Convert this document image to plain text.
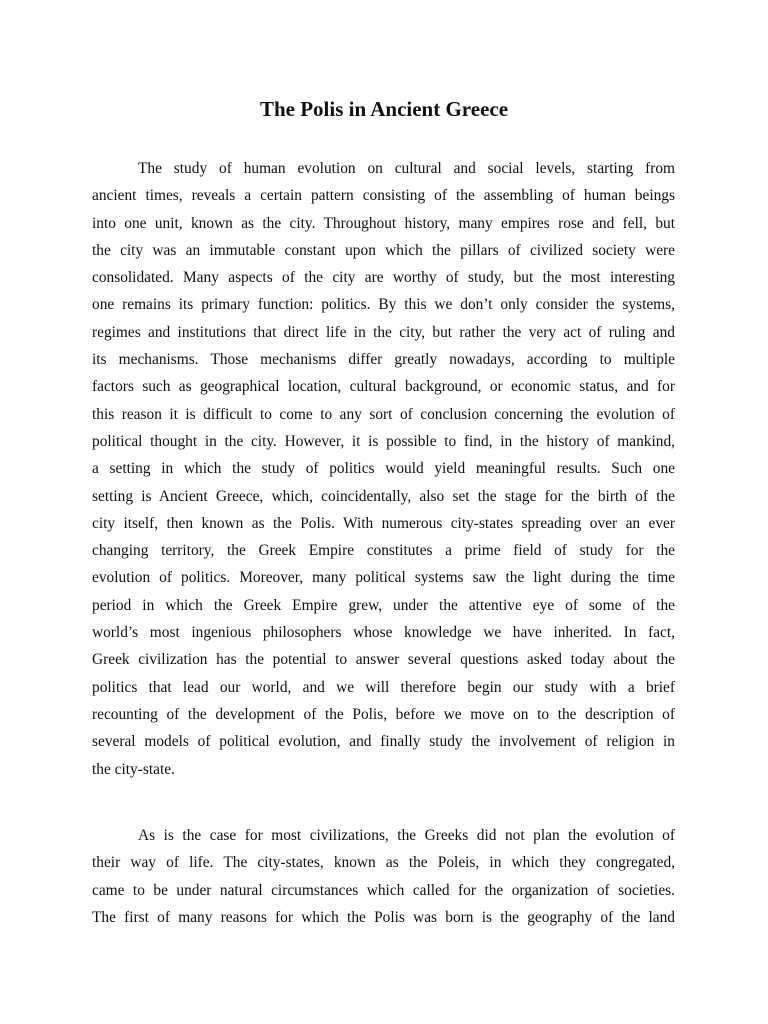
The Polis in Ancient Greece
The study of human evolution on cultural and social levels, starting from
ancient times, reveals a certain pattern consisting of the assembling of human beings
into one unit, known as the city. Throughout history, many empires rose and fell, but
the city was an immutable constant upon which the pillars of civilized society were
consolidated. Many aspects of the city are worthy of study, but the most interesting
one remains its primary function: politics. By this we don’t only consider the systems,
regimes and institutions that direct life in the city, but rather the very act of ruling and
its mechanisms. Those mechanisms differ greatly nowadays, according to multiple
factors such as geographical location, cultural background, or economic status, and for
this reason it is difficult to come to any sort of conclusion concerning the evolution of
political thought in the city. However, it is possible to find, in the history of mankind,
a setting in which the study of politics would yield meaningful results. Such one
setting is Ancient Greece, which, coincidentally, also set the stage for the birth of the
city itself, then known as the Polis. With numerous city-states spreading over an ever
changing territory, the Greek Empire constitutes a prime field of study for the
evolution of politics. Moreover, many political systems saw the light during the time
period in which the Greek Empire grew, under the attentive eye of some of the
world’s most ingenious philosophers whose knowledge we have inherited. In fact,
Greek civilization has the potential to answer several questions asked today about the
politics that lead our world, and we will therefore begin our study with a brief
recounting of the development of the Polis, before we move on to the description of
several models of political evolution, and finally study the involvement of religion in
the city-state.
As is the case for most civilizations, the Greeks did not plan the evolution of
their way of life. The city-states, known as the Poleis, in which they congregated,
came to be under natural circumstances which called for the organization of societies.
The first of many reasons for which the Polis was born is the geography of the land
